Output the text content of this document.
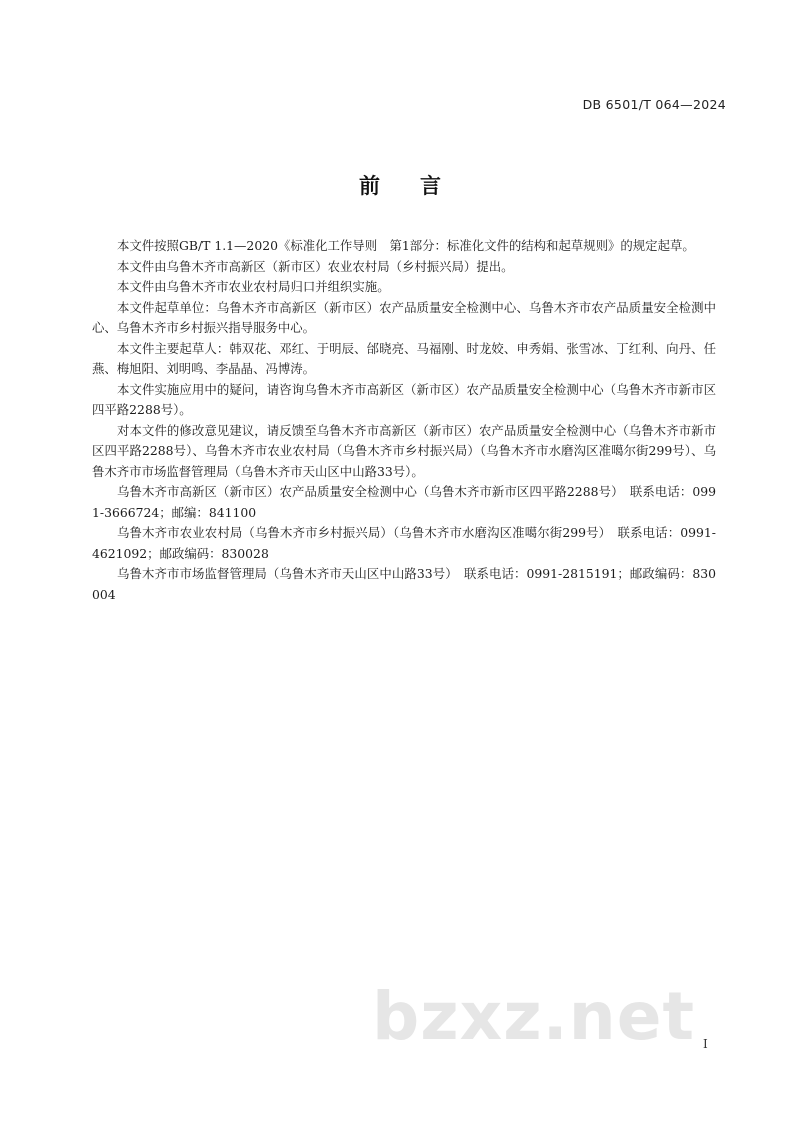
DB 6501/T 064—2024
前 言

本文件按照GB/T 1.1—2020《标准化工作导则　第1部分：标准化文件的结构和起草规则》的规定起草。

本文件由乌鲁木齐市高新区（新市区）农业农村局（乡村振兴局）提出。

本文件由乌鲁木齐市农业农村局归口并组织实施。

本文件起草单位：乌鲁木齐市高新区（新市区）农产品质量安全检测中心、乌鲁木齐市农产品质量安全检测中心、乌鲁木齐市乡村振兴指导服务中心。

本文件主要起草人：韩双花、邓红、于明辰、邰晓亮、马福刚、时龙姣、申秀娟、张雪冰、丁红利、向丹、任燕、梅旭阳、刘明鸣、李晶晶、冯博涛。

本文件实施应用中的疑问，请咨询乌鲁木齐市高新区（新市区）农产品质量安全检测中心（乌鲁木齐市新市区四平路2288号）。

对本文件的修改意见建议，请反馈至乌鲁木齐市高新区（新市区）农产品质量安全检测中心（乌鲁木齐市新市区四平路2288号）、乌鲁木齐市农业农村局（乌鲁木齐市乡村振兴局）（乌鲁木齐市水磨沟区准噶尔街299号）、乌鲁木齐市市场监督管理局（乌鲁木齐市天山区中山路33号）。

乌鲁木齐市高新区（新市区）农产品质量安全检测中心（乌鲁木齐市新市区四平路2288号）　联系电话：0991-3666724；邮编：841100

乌鲁木齐市农业农村局（乌鲁木齐市乡村振兴局）（乌鲁木齐市水磨沟区准噶尔街299号）　联系电话：0991-4621092；邮政编码：830028

乌鲁木齐市市场监督管理局（乌鲁木齐市天山区中山路33号）　联系电话：0991-2815191；邮政编码：830004

bzxz.net I
